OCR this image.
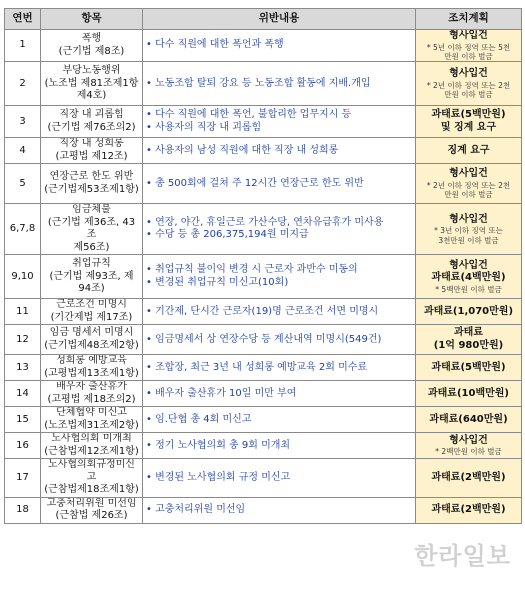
연번	항목	위반내용	조치계획
1	폭행
(근기법 제8조)	• 다수 직원에 대한 폭언과 폭행	형사입건
* 5년 이하 징역 또는 5천
만원 이하 벌금

2	부당노동행위
(노조법 제81조제1항
제4호)	• 노동조합 탈퇴 강요 등 노동조합 활동에 지배.개입	형사입건
* 2년 이하 징역 또는 2천
만원 이하 벌금

3	직장 내 괴롭힘
(근기법 제76조의2)	• 다수 직원에 대한 폭언, 불합리한 업무지시 등
• 사용자의 직장 내 괴롭힘	과태료(5백만원)
및 징계 요구

4	직장 내 성희롱
(고평법 제12조)	• 사용자의 남성 직원에 대한 직장 내 성희롱	징계 요구

5	연장근로 한도 위반
(근기법제53조제1항)	• 총 500회에 걸쳐 주 12시간 연장근로 한도 위반	형사입건
* 2년 이하 징역 또는 2천
만원 이하 벌금

6,7,8	임금체불
(근기법 제36조, 43조
제56조)	• 연장, 야간, 휴일근로 가산수당, 연차유급휴가 미사용
• 수당 등 총 206,375,194원 미지급	형사입건
* 3년 이하 징역 또는
3천만원 이하 벌금

9,10	취업규칙
(근기법 제93조, 제
94조)	• 취업규칙 불이익 변경 시 근로자 과반수 미동의
• 변경된 취업규칙 미신고(10회)	형사입건
과태료(4백만원)
* 5백만원 이하 벌금

11	근로조건 미명시
(기간제법 제17조)	• 기간제, 단시간 근로자(19)명 근로조건 서면 미명시	과태료(1,070만원)

12	임금 명세서 미명시
(근기법제48조제2항)	• 임금명세서 상 연장수당 등 계산내역 미명시(549건)	과태료
(1억 980만원)

13	성희롱 예방교육
(고평법제13조제1항)	• 조합장, 최근 3년 내 성희롱 예방교육 2회 미수료	과태료(5백만원)

14	배우자 출산휴가
(고평법 제18조의2)	• 배우자 출산휴가 10일 미만 부여	과태료(10백만원)

15	단체협약 미신고
(노조법제31조제2항)	• 임.단협 총 4회 미신고	과태료(640만원)

16	노사협의회 미개최
(근참법제12조제1항)	• 정기 노사협의회 총 9회 미개최	형사입건
* 2백만원 이하 벌금

17	노사협의회규정미신고
(근참법제18조제1항)	• 변경된 노사협의회 규정 미신고	과태료(2백만원)

18	고충처리위원 미선임
(근참법 제26조)	• 고충처리위원 미선임	과태료(2백만원)
한라일보
